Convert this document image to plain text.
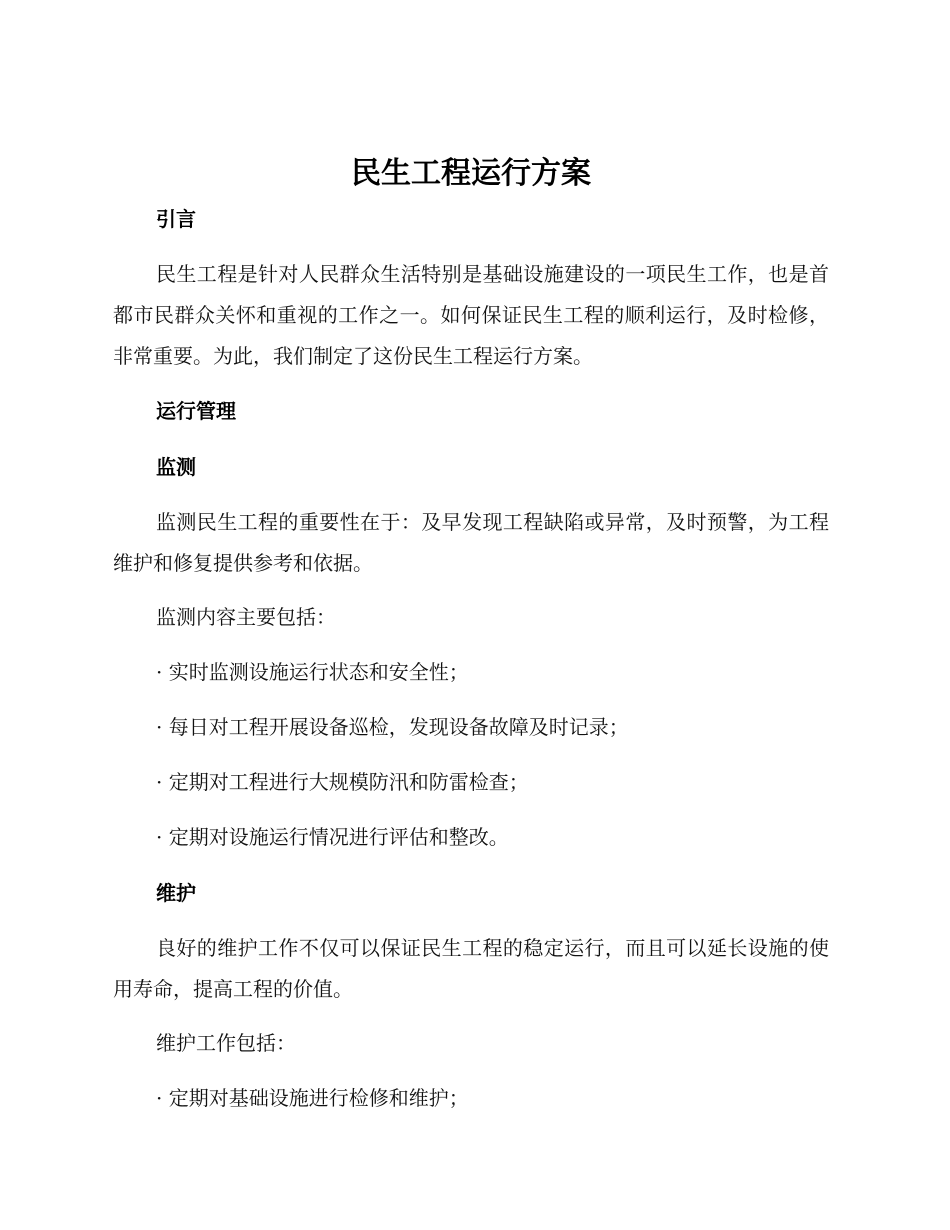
民生工程运行方案
引言

民生工程是针对人民群众生活特别是基础设施建设的一项民生工作，也是首都市民群众关怀和重视的工作之一。如何保证民生工程的顺利运行，及时检修，非常重要。为此，我们制定了这份民生工程运行方案。

运行管理
监测

监测民生工程的重要性在于：及早发现工程缺陷或异常，及时预警，为工程维护和修复提供参考和依据。

监测内容主要包括：

· 实时监测设施运行状态和安全性；

· 每日对工程开展设备巡检，发现设备故障及时记录；

· 定期对工程进行大规模防汛和防雷检查；

· 定期对设施运行情况进行评估和整改。

维护

良好的维护工作不仅可以保证民生工程的稳定运行，而且可以延长设施的使用寿命，提高工程的价值。

维护工作包括：

· 定期对基础设施进行检修和维护；
